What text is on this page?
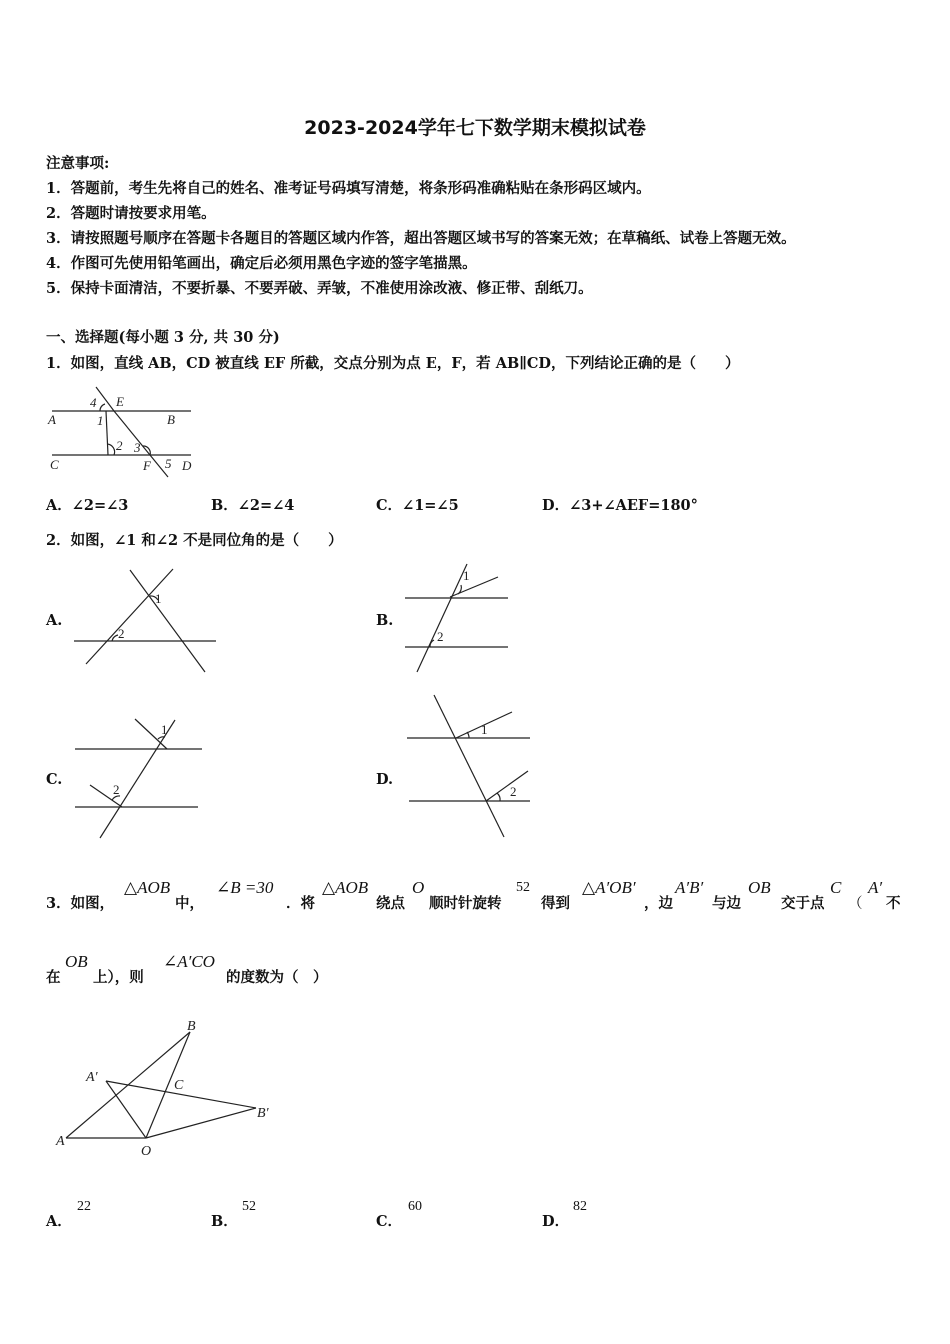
2023-2024学年七下数学期末模拟试卷
注意事项:
1．答题前，考生先将自己的姓名、准考证号码填写清楚，将条形码准确粘贴在条形码区域内。
2．答题时请按要求用笔。
3．请按照题号顺序在答题卡各题目的答题区域内作答，超出答题区域书写的答案无效；在草稿纸、试卷上答题无效。
4．作图可先使用铅笔画出，确定后必须用黑色字迹的签字笔描黑。
5．保持卡面清洁，不要折暴、不要弄破、弄皱，不准使用涂改液、修正带、刮纸刀。
一、选择题(每小题 3 分, 共 30 分)
1．如图，直线 AB，CD 被直线 EF 所截，交点分别为点 E，F，若 AB∥CD，下列结论正确的是（　　）
4 E
A	B
1
2 3
C	F 5 D
A．∠2=∠3	B．∠2=∠4	C．∠1=∠5	D．∠3+∠AEF=180°
2．如图，∠1 和∠2 不是同位角的是（　　）
A.
1
2
B.
1
2
C.
1
2
D.
1
2
3．如图，
△AOB
中，
∠B =30
．将
△AOB
绕点
O
顺时针旋转
52
得到
△A′OB′
，边
A′B′
与边
OB
交于点
C
（
A′
不
在
OB
上），则
∠A′CO
的度数为（　）
B
A′
C
B′
A
O
A．
22
B．
52
C．
60
D．
82
